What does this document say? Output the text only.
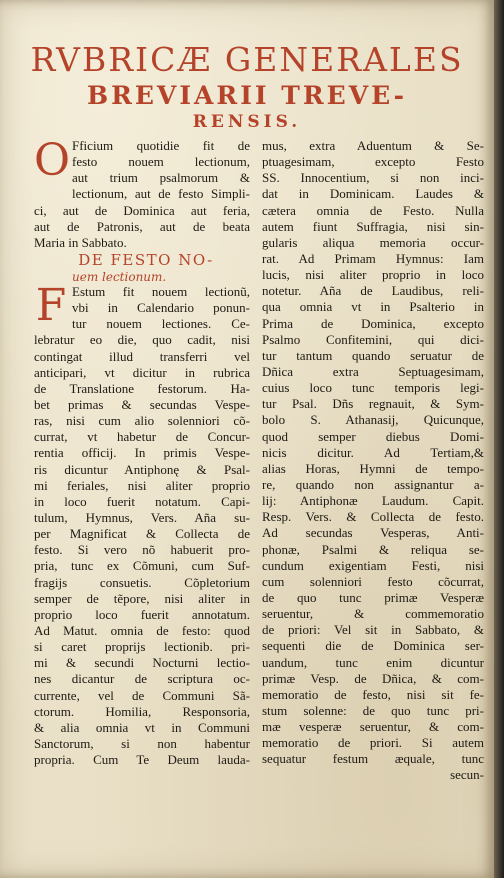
RVBRICÆ GENERALES
BREVIARII TREVE-
RENSIS.
O Fficium quotidie fit de
festo nouem lectionum,
aut trium psalmorum &
lectionum, aut de festo Simpli-
ci, aut de Dominica aut feria,
aut de Patronis, aut de beata
Maria in Sabbato.
DE FESTO NO-
uem lectionum.
F Estum fit nouem lectionũ,
vbi in Calendario ponun-
tur nouem lectiones. Ce-
lebratur eo die, quo cadit, nisi
contingat illud transferri vel
anticipari, vt dicitur in rubrica
de Translatione festorum. Ha-
bet primas & secundas Vespe-
ras, nisi cum alio solenniori cõ-
currat, vt habetur de Concur-
rentia officij. In primis Vespe-
ris dicuntur Antiphonę & Psal-
mi feriales, nisi aliter proprio
in loco fuerit notatum. Capi-
tulum, Hymnus, Vers. Aña su-
per Magnificat & Collecta de
festo. Si vero nõ habuerit pro-
pria, tunc ex Cõmuni, cum Suf-
fragijs consuetis. Cõpletorium
semper de tẽpore, nisi aliter in
proprio loco fuerit annotatum.
Ad Matut. omnia de festo: quod
si caret proprijs lectionib. pri-
mi & secundi Nocturni lectio-
nes dicantur de scriptura oc-
currente, vel de Communi Sã-
ctorum. Homilia, Responsoria,
& alia omnia vt in Communi
Sanctorum, si non habentur
propria. Cum Te Deum lauda-
mus, extra Aduentum & Se-
ptuagesimam, excepto Festo
SS. Innocentium, si non inci-
dat in Dominicam. Laudes &
cætera omnia de Festo. Nulla
autem fiunt Suffragia, nisi sin-
gularis aliqua memoria occur-
rat. Ad Primam Hymnus: Iam
lucis, nisi aliter proprio in loco
notetur. Aña de Laudibus, reli-
qua omnia vt in Psalterio in
Prima de Dominica, excepto
Psalmo Confitemini, qui dici-
tur tantum quando seruatur de
Dñica extra Septuagesimam,
cuius loco tunc temporis legi-
tur Psal. Dñs regnauit, & Sym-
bolo S. Athanasij, Quicunque,
quod semper diebus Domi-
nicis dicitur. Ad Tertiam,&
alias Horas, Hymni de tempo-
re, quando non assignantur a-
lij: Antiphonæ Laudum. Capit.
Resp. Vers. & Collecta de festo.
Ad secundas Vesperas, Anti-
phonæ, Psalmi & reliqua se-
cundum exigentiam Festi, nisi
cum solenniori festo cõcurrat,
de quo tunc primæ Vesperæ
seruentur, & commemoratio
de priori: Vel sit in Sabbato, &
sequenti die de Dominica ser-
uandum, tunc enim dicuntur
primæ Vesp. de Dñica, & com-
memoratio de festo, nisi sit fe-
stum solenne: de quo tunc pri-
mæ vesperæ seruentur, & com-
memoratio de priori. Si autem
sequatur festum æquale, tunc
secun-
